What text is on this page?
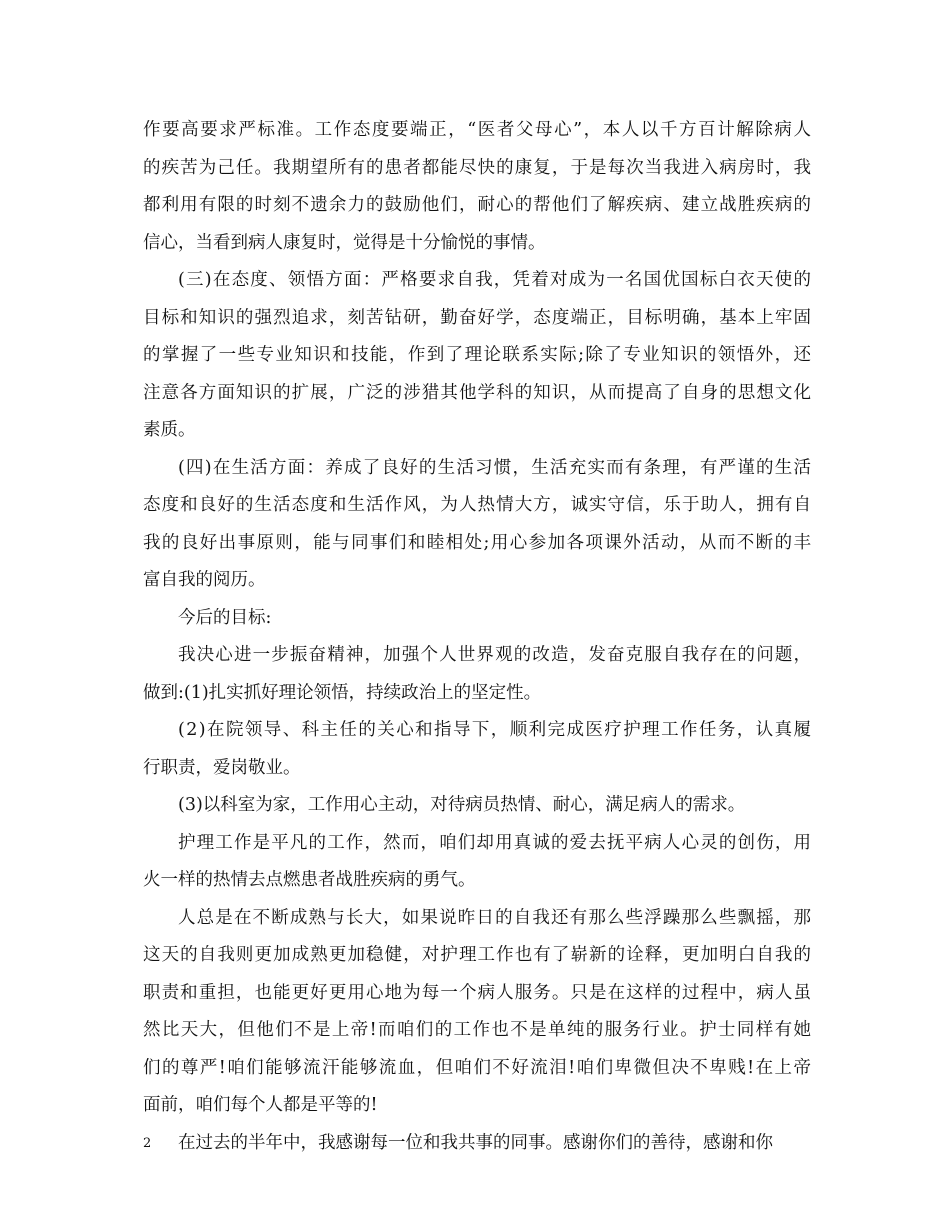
作要高要求严标准。工作态度要端正，“医者父母心”，本人以千方百计解除病人
的疾苦为己任。我期望所有的患者都能尽快的康复，于是每次当我进入病房时，我
都利用有限的时刻不遗余力的鼓励他们，耐心的帮他们了解疾病、建立战胜疾病的
信心，当看到病人康复时，觉得是十分愉悦的事情。
(三)在态度、领悟方面：严格要求自我，凭着对成为一名国优国标白衣天使的
目标和知识的强烈追求，刻苦钻研，勤奋好学，态度端正，目标明确，基本上牢固
的掌握了一些专业知识和技能，作到了理论联系实际;除了专业知识的领悟外，还
注意各方面知识的扩展，广泛的涉猎其他学科的知识，从而提高了自身的思想文化
素质。
(四)在生活方面：养成了良好的生活习惯，生活充实而有条理，有严谨的生活
态度和良好的生活态度和生活作风，为人热情大方，诚实守信，乐于助人，拥有自
我的良好出事原则，能与同事们和睦相处;用心参加各项课外活动，从而不断的丰
富自我的阅历。
今后的目标:
我决心进一步振奋精神，加强个人世界观的改造，发奋克服自我存在的问题，
做到:(1)扎实抓好理论领悟，持续政治上的坚定性。
(2)在院领导、科主任的关心和指导下，顺利完成医疗护理工作任务，认真履
行职责，爱岗敬业。
(3)以科室为家，工作用心主动，对待病员热情、耐心，满足病人的需求。
护理工作是平凡的工作，然而，咱们却用真诚的爱去抚平病人心灵的创伤，用
火一样的热情去点燃患者战胜疾病的勇气。
人总是在不断成熟与长大，如果说昨日的自我还有那么些浮躁那么些飘摇，那
这天的自我则更加成熟更加稳健，对护理工作也有了崭新的诠释，更加明白自我的
职责和重担，也能更好更用心地为每一个病人服务。只是在这样的过程中，病人虽
然比天大，但他们不是上帝!而咱们的工作也不是单纯的服务行业。护士同样有她
们的尊严!咱们能够流汗能够流血，但咱们不好流泪!咱们卑微但决不卑贱!在上帝
面前，咱们每个人都是平等的!
在过去的半年中，我感谢每一位和我共事的同事。感谢你们的善待，感谢和你
2
